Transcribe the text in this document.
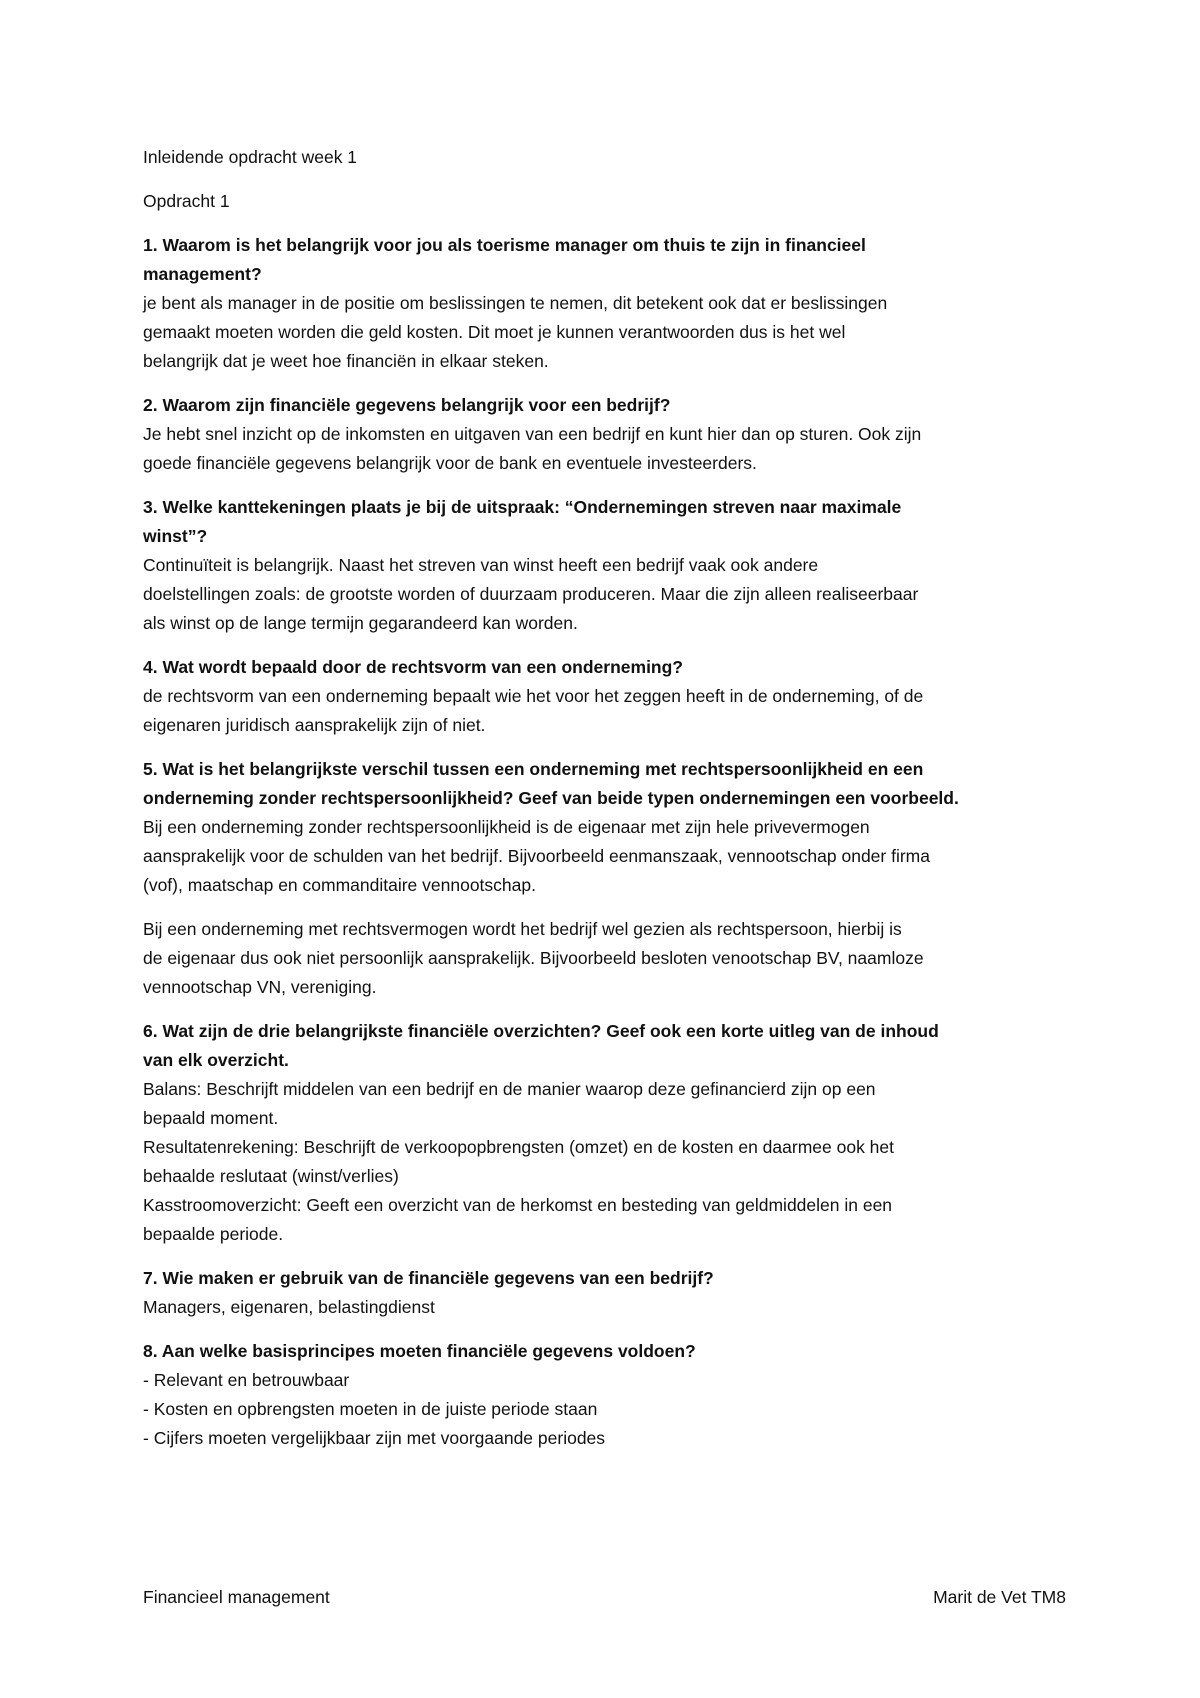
Inleidende opdracht week 1

Opdracht 1

1. Waarom is het belangrijk voor jou als toerisme manager om thuis te zijn in financieel
management?
je bent als manager in de positie om beslissingen te nemen, dit betekent ook dat er beslissingen
gemaakt moeten worden die geld kosten. Dit moet je kunnen verantwoorden dus is het wel
belangrijk dat je weet hoe financiën in elkaar steken.
2. Waarom zijn financiële gegevens belangrijk voor een bedrijf?
Je hebt snel inzicht op de inkomsten en uitgaven van een bedrijf en kunt hier dan op sturen. Ook zijn
goede financiële gegevens belangrijk voor de bank en eventuele investeerders.
3. Welke kanttekeningen plaats je bij de uitspraak: “Ondernemingen streven naar maximale
winst”?
Continuïteit is belangrijk. Naast het streven van winst heeft een bedrijf vaak ook andere
doelstellingen zoals: de grootste worden of duurzaam produceren. Maar die zijn alleen realiseerbaar
als winst op de lange termijn gegarandeerd kan worden.
4. Wat wordt bepaald door de rechtsvorm van een onderneming?
de rechtsvorm van een onderneming bepaalt wie het voor het zeggen heeft in de onderneming, of de
eigenaren juridisch aansprakelijk zijn of niet.
5. Wat is het belangrijkste verschil tussen een onderneming met rechtspersoonlijkheid en een
onderneming zonder rechtspersoonlijkheid? Geef van beide typen ondernemingen een voorbeeld.
Bij een onderneming zonder rechtspersoonlijkheid is de eigenaar met zijn hele privevermogen
aansprakelijk voor de schulden van het bedrijf. Bijvoorbeeld eenmanszaak, vennootschap onder firma
(vof), maatschap en commanditaire vennootschap.
Bij een onderneming met rechtsvermogen wordt het bedrijf wel gezien als rechtspersoon, hierbij is
de eigenaar dus ook niet persoonlijk aansprakelijk. Bijvoorbeeld besloten venootschap BV, naamloze
vennootschap VN, vereniging.
6. Wat zijn de drie belangrijkste financiële overzichten? Geef ook een korte uitleg van de inhoud
van elk overzicht.
Balans: Beschrijft middelen van een bedrijf en de manier waarop deze gefinancierd zijn op een
bepaald moment.
Resultatenrekening: Beschrijft de verkoopopbrengsten (omzet) en de kosten en daarmee ook het
behaalde reslutaat (winst/verlies)
Kasstroomoverzicht: Geeft een overzicht van de herkomst en besteding van geldmiddelen in een
bepaalde periode.
7. Wie maken er gebruik van de financiële gegevens van een bedrijf?
Managers, eigenaren, belastingdienst
8. Aan welke basisprincipes moeten financiële gegevens voldoen?
- Relevant en betrouwbaar
- Kosten en opbrengsten moeten in de juiste periode staan
- Cijfers moeten vergelijkbaar zijn met voorgaande periodes
Financieel management	Marit de Vet TM8
